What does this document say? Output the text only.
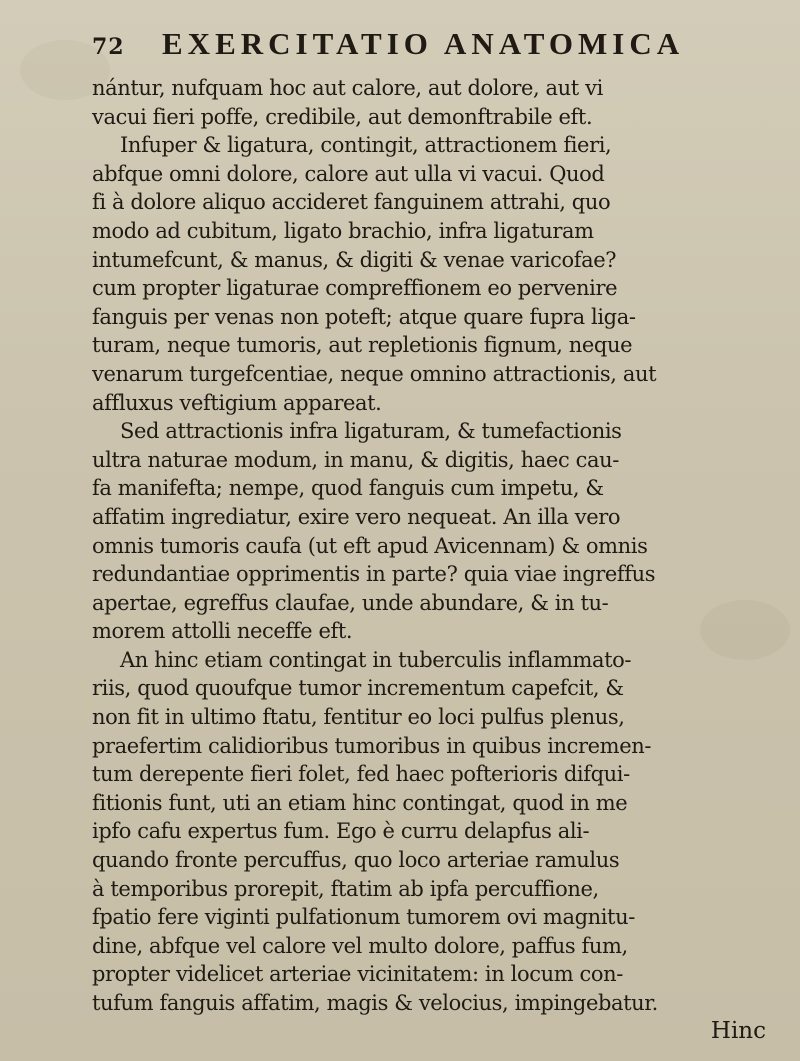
72	EXERCITATIO ANATOMICA
nántur, nufquam hoc aut calore, aut dolore, aut vi
vacui fieri poffe, credibile, aut demonftrabile eft.
Infuper & ligatura, contingit, attractionem fieri,
abfque omni dolore, calore aut ulla vi vacui. Quod
fi à dolore aliquo accideret fanguinem attrahi, quo
modo ad cubitum, ligato brachio, infra ligaturam
intumefcunt, & manus, & digiti & venae varicofae?
cum propter ligaturae compreffionem eo pervenire
fanguis per venas non poteft; atque quare fupra liga-
turam, neque tumoris, aut repletionis fignum, neque
venarum turgefcentiae, neque omnino attractionis, aut
affluxus veftigium appareat.
Sed attractionis infra ligaturam, & tumefactionis
ultra naturae modum, in manu, & digitis, haec cau-
fa manifefta; nempe, quod fanguis cum impetu, &
affatim ingrediatur, exire vero nequeat. An illa vero
omnis tumoris caufa (ut eft apud Avicennam) & omnis
redundantiae opprimentis in parte? quia viae ingreffus
apertae, egreffus claufae, unde abundare, & in tu-
morem attolli neceffe eft.
An hinc etiam contingat in tuberculis inflammato-
riis, quod quoufque tumor incrementum capefcit, &
non fit in ultimo ftatu, fentitur eo loci pulfus plenus,
praefertim calidioribus tumoribus in quibus incremen-
tum derepente fieri folet, fed haec pofterioris difqui-
fitionis funt, uti an etiam hinc contingat, quod in me
ipfo cafu expertus fum. Ego è curru delapfus ali-
quando fronte percuffus, quo loco arteriae ramulus
à temporibus prorepit, ftatim ab ipfa percuffione,
fpatio fere viginti pulfationum tumorem ovi magnitu-
dine, abfque vel calore vel multo dolore, paffus fum,
propter videlicet arteriae vicinitatem: in locum con-
tufum fanguis affatim, magis & velocius, impingebatur.
Hinc
